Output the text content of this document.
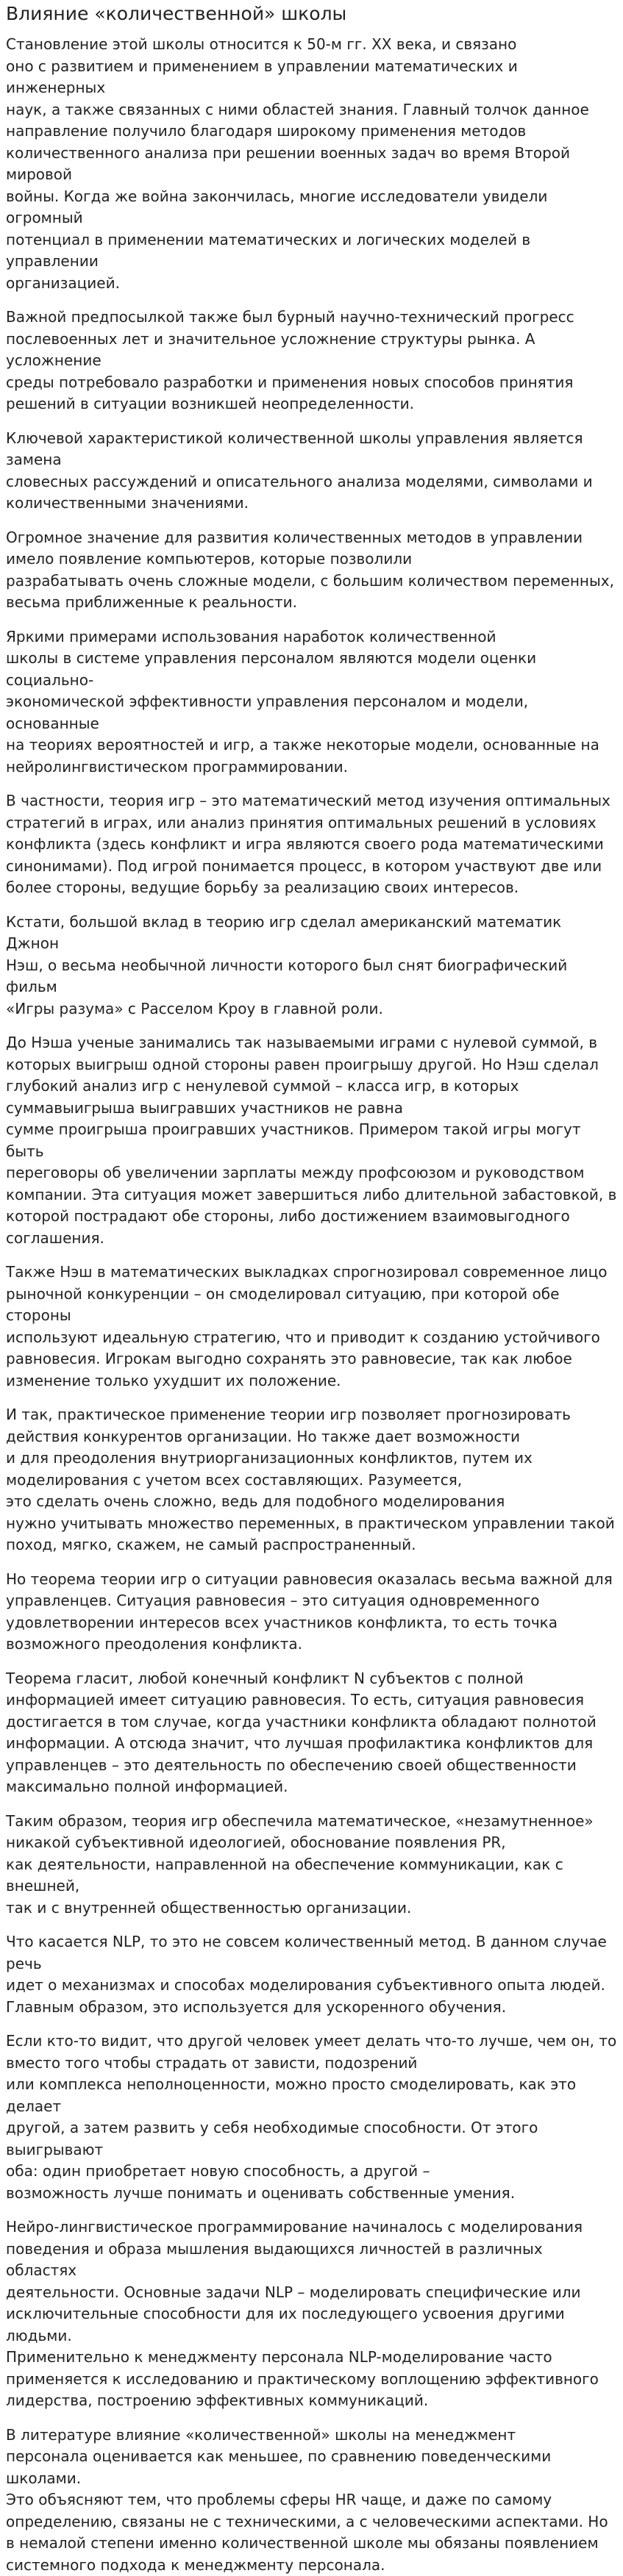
Влияние «количественной» школы

Становление этой школы относится к 50-м гг. XX века, и связано
оно с развитием и применением в управлении математических и инженерных
наук, а также связанных с ними областей знания. Главный толчок данное
направление получило благодаря широкому применения методов
количественного анализа при решении военных задач во время Второй мировой
войны. Когда же война закончилась, многие исследователи увидели огромный
потенциал в применении математических и логических моделей в управлении
организацией.

Важной предпосылкой также был бурный научно-технический прогресс
послевоенных лет и значительное усложнение структуры рынка. А усложнение
среды потребовало разработки и применения новых способов принятия
решений в ситуации возникшей неопределенности.

Ключевой характеристикой количественной школы управления является замена
словесных рассуждений и описательного анализа моделями, символами и
количественными значениями.

Огромное значение для развития количественных методов в управлении
имело появление компьютеров, которые позволили
разрабатывать очень сложные модели, с большим количеством переменных,
весьма приближенные к реальности.

Яркими примерами использования наработок количественной
школы в системе управления персоналом являются модели оценки социально-
экономической эффективности управления персоналом и модели, основанные
на теориях вероятностей и игр, а также некоторые модели, основанные на
нейролингвистическом программировании.

В частности, теория игр – это математический метод изучения оптимальных
стратегий в играх, или анализ принятия оптимальных решений в условиях
конфликта (здесь конфликт и игра являются своего рода математическими
синонимами). Под игрой понимается процесс, в котором участвуют две или
более стороны, ведущие борьбу за реализацию своих интересов.

Кстати, большой вклад в теорию игр сделал американский математик Джнон
Нэш, о весьма необычной личности которого был снят биографический фильм
«Игры разума» с Расселом Кроу в главной роли.

До Нэша ученые занимались так называемыми играми с нулевой суммой, в
которых выигрыш одной стороны равен проигрышу другой. Но Нэш сделал
глубокий анализ игр с ненулевой суммой – класса игр, в которых
суммавыигрыша выигравших участников не равна
сумме проигрыша проигравших участников. Примером такой игры могут быть
переговоры об увеличении зарплаты между профсоюзом и руководством
компании. Эта ситуация может завершиться либо длительной забастовкой, в
которой пострадают обе стороны, либо достижением взаимовыгодного
соглашения.

Также Нэш в математических выкладках спрогнозировал современное лицо
рыночной конкуренции – он смоделировал ситуацию, при которой обе стороны
используют идеальную стратегию, что и приводит к созданию устойчивого
равновесия. Игрокам выгодно сохранять это равновесие, так как любое
изменение только ухудшит их положение.

И так, практическое применение теории игр позволяет прогнозировать
действия конкурентов организации. Но также дает возможности
и для преодоления внутриорганизационных конфликтов, путем их
моделирования с учетом всех составляющих. Разумеется,
это сделать очень сложно, ведь для подобного моделирования
нужно учитывать множество переменных, в практическом управлении такой
поход, мягко, скажем, не самый распространенный.

Но теорема теории игр о ситуации равновесия оказалась весьма важной для
управленцев. Ситуация равновесия – это ситуация одновременного
удовлетворении интересов всех участников конфликта, то есть точка
возможного преодоления конфликта.

Теорема гласит, любой конечный конфликт N субъектов с полной
информацией имеет ситуацию равновесия. То есть, ситуация равновесия
достигается в том случае, когда участники конфликта обладают полнотой
информации. А отсюда значит, что лучшая профилактика конфликтов для
управленцев – это деятельность по обеспечению своей общественности
максимально полной информацией.

Таким образом, теория игр обеспечила математическое, «незамутненное»
никакой субъективной идеологией, обоснование появления PR,
как деятельности, направленной на обеспечение коммуникации, как с внешней,
так и с внутренней общественностью организации.

Что касается NLP, то это не совсем количественный метод. В данном случае речь
идет о механизмах и способах моделирования субъективного опыта людей.
Главным образом, это используется для ускоренного обучения.

Если кто-то видит, что другой человек умеет делать что-то лучше, чем он, то
вместо того чтобы страдать от зависти, подозрений
или комплекса неполноценности, можно просто смоделировать, как это делает
другой, а затем развить у себя необходимые способности. От этого выигрывают
оба: один приобретает новую способность, а другой –
возможность лучше понимать и оценивать собственные умения.

Нейро-лингвистическое программирование начиналось с моделирования
поведения и образа мышления выдающихся личностей в различных областях
деятельности. Основные задачи NLP – моделировать специфические или
исключительные способности для их последующего усвоения другими людьми.
Применительно к менеджменту персонала NLP-моделирование часто
применяется к исследованию и практическому воплощению эффективного
лидерства, построению эффективных коммуникаций.

В литературе влияние «количественной» школы на менеджмент
персонала оценивается как меньшее, по сравнению поведенческими школами.
Это объясняют тем, что проблемы сферы HR чаще, и даже по самому
определению, связаны не с техническими, а с человеческими аспектами. Но
в немалой степени именно количественной школе мы обязаны появлением
системного подхода к менеджменту персонала.
